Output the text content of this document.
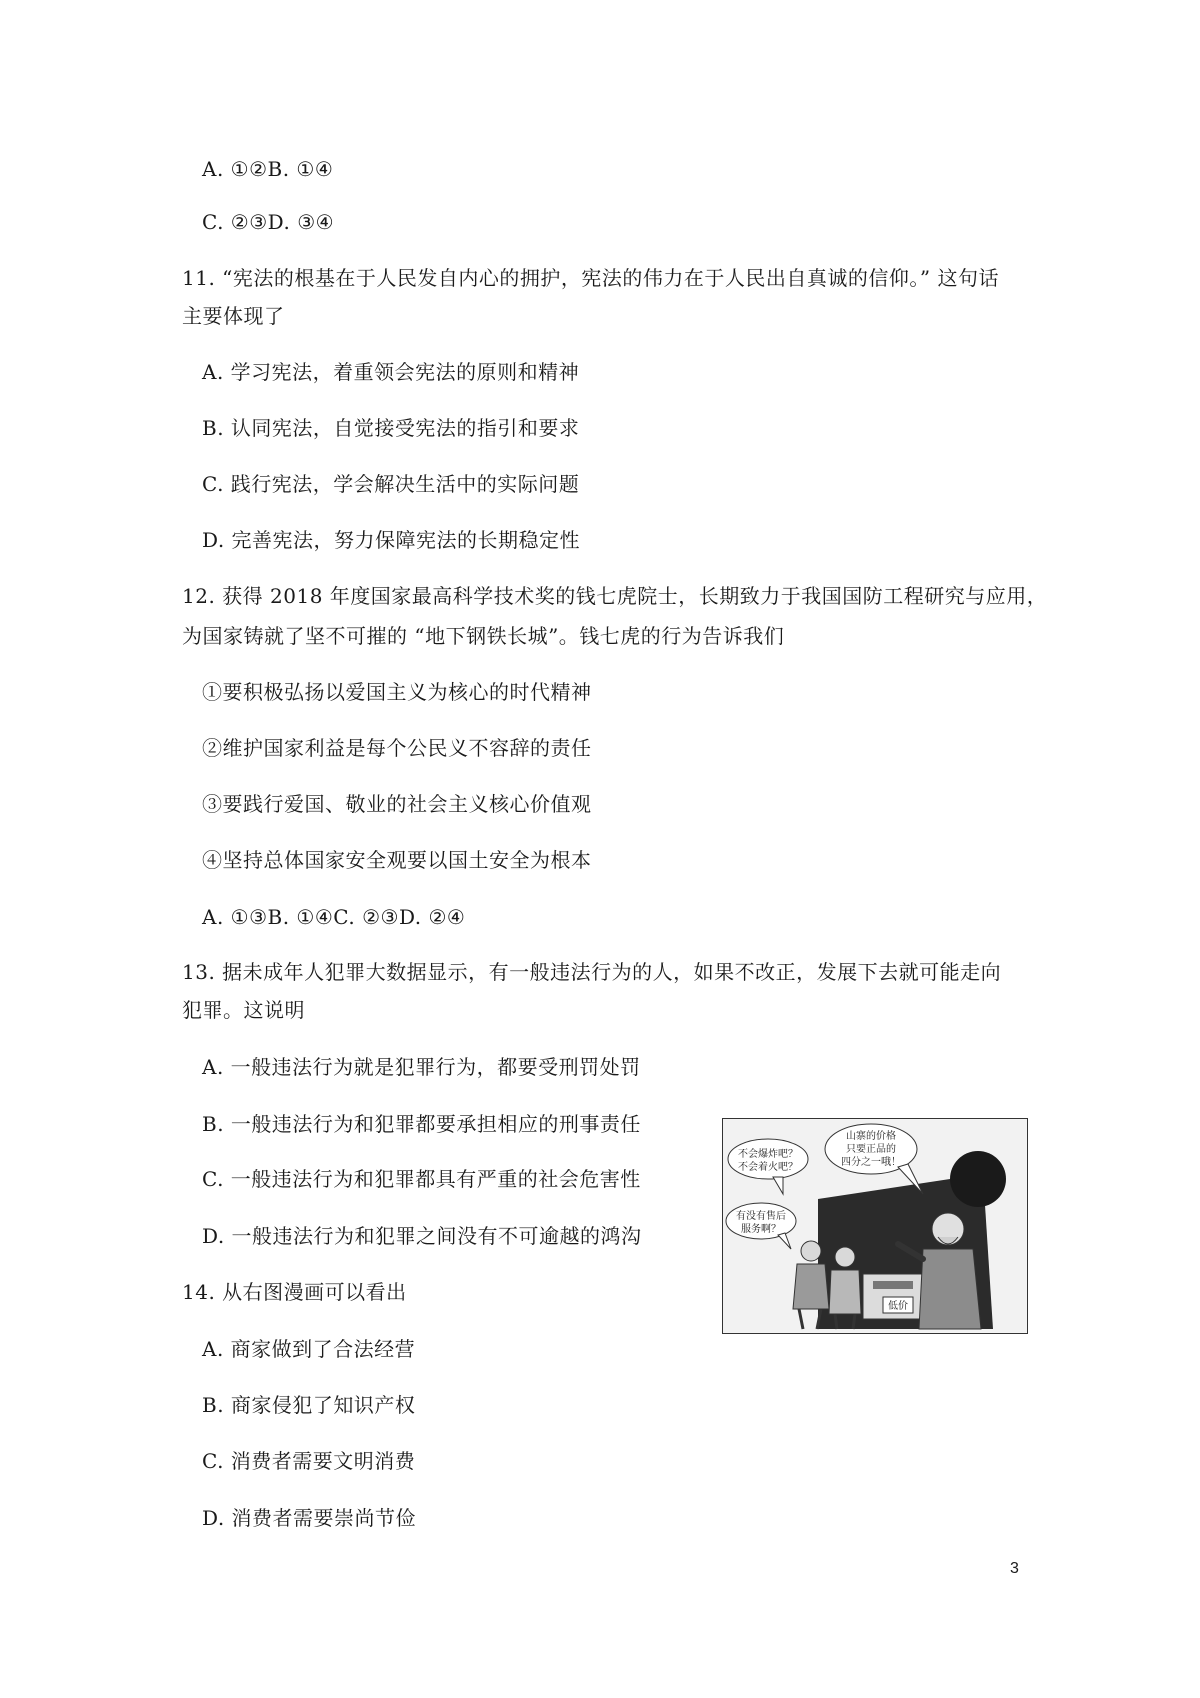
A. ①②B. ①④
C. ②③D. ③④
11. “宪法的根基在于人民发自内心的拥护，宪法的伟力在于人民出自真诚的信仰。” 这句话
主要体现了
A. 学习宪法，着重领会宪法的原则和精神
B. 认同宪法，自觉接受宪法的指引和要求
C. 践行宪法，学会解决生活中的实际问题
D. 完善宪法，努力保障宪法的长期稳定性
12. 获得 2018 年度国家最高科学技术奖的钱七虎院士，长期致力于我国国防工程研究与应用，
为国家铸就了坚不可摧的 “地下钢铁长城”。钱七虎的行为告诉我们
①要积极弘扬以爱国主义为核心的时代精神
②维护国家利益是每个公民义不容辞的责任
③要践行爱国、敬业的社会主义核心价值观
④坚持总体国家安全观要以国土安全为根本
A. ①③B. ①④C. ②③D. ②④
13. 据未成年人犯罪大数据显示，有一般违法行为的人，如果不改正，发展下去就可能走向
犯罪。这说明
A. 一般违法行为就是犯罪行为，都要受刑罚处罚
B. 一般违法行为和犯罪都要承担相应的刑事责任
C. 一般违法行为和犯罪都具有严重的社会危害性
D. 一般违法行为和犯罪之间没有不可逾越的鸿沟
14. 从右图漫画可以看出
A. 商家做到了合法经营
B. 商家侵犯了知识产权
C. 消费者需要文明消费
D. 消费者需要崇尚节俭
不会爆炸吧？
不会着火吧？
山寨的价格
只要正品的
四分之一哦！
有没有售后
服务啊？
低价
3
